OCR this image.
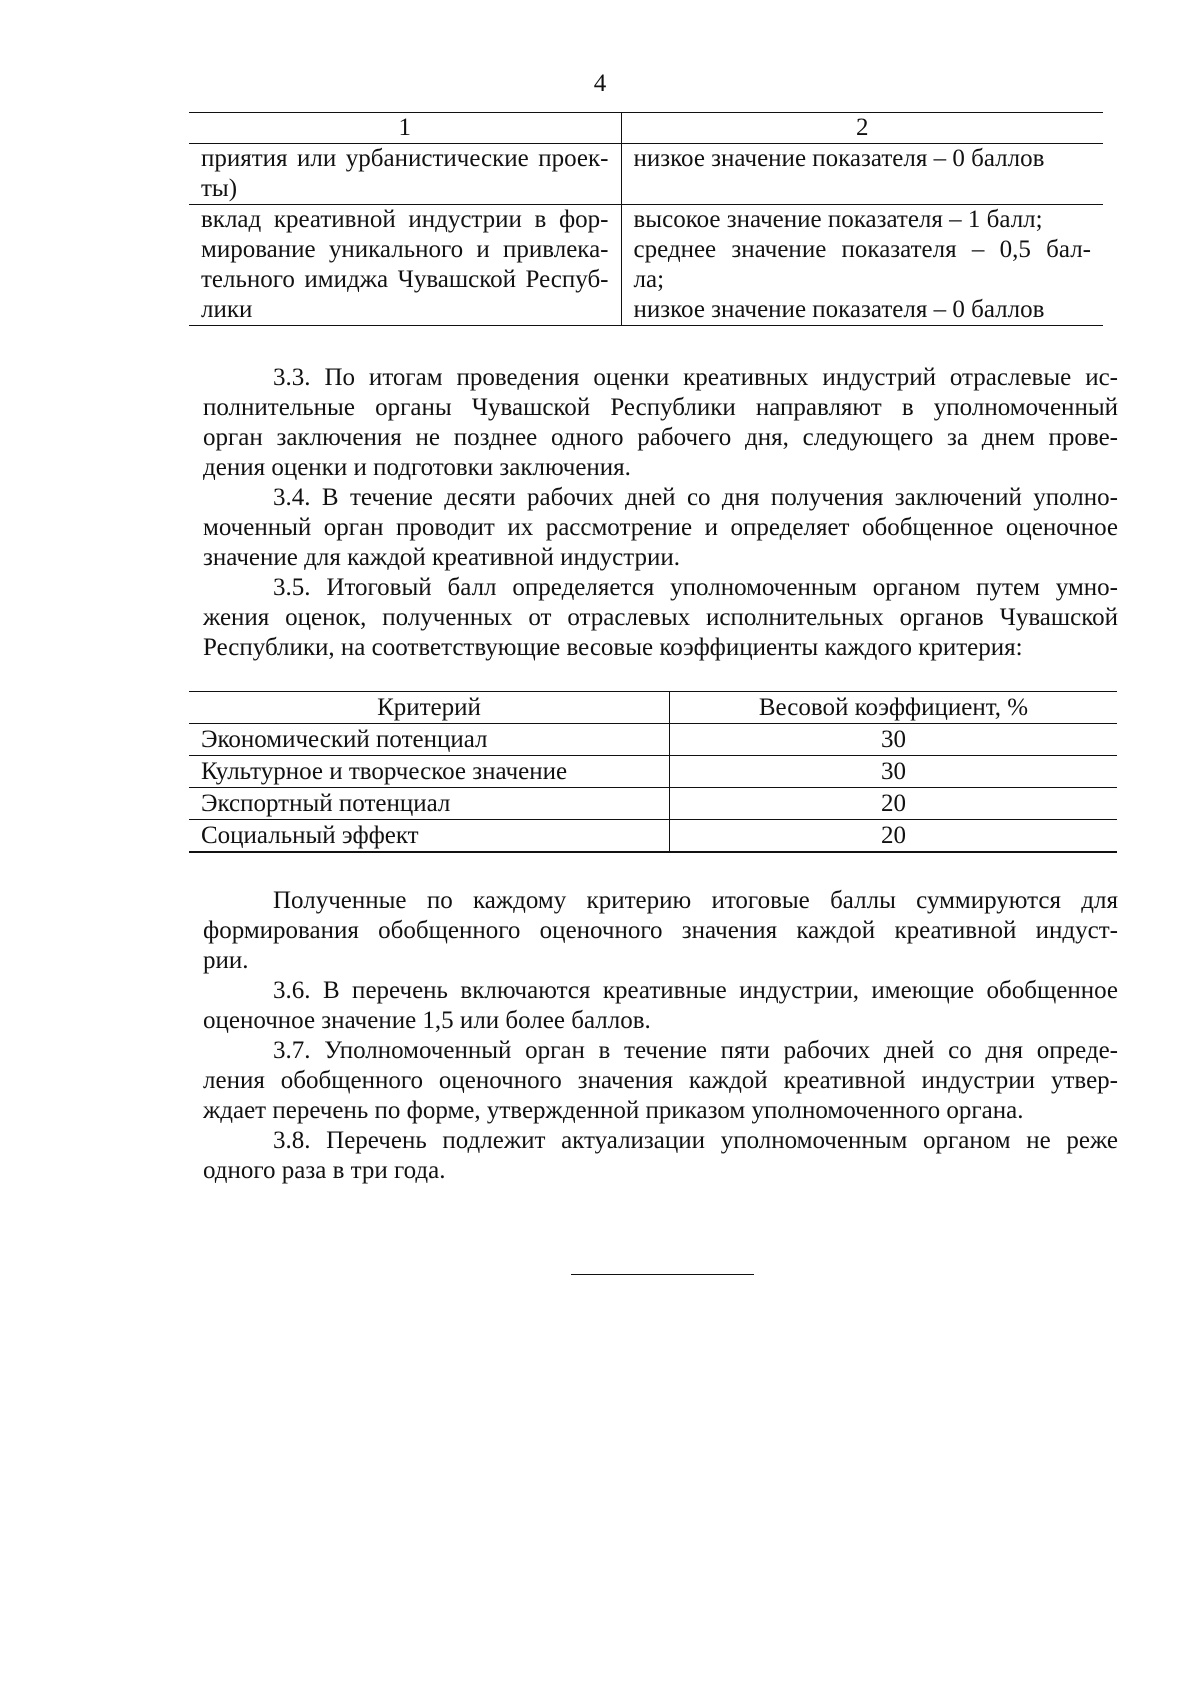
4
1	2

приятия или урбанистические проек-
ты)	низкое значение показателя – 0 баллов

вклад креативной индустрии в фор-
мирование уникального и привлека-
тельного имиджа Чувашской Респуб-
лики	высокое значение показателя – 1 балл;
среднее значение показателя – 0,5 бал-
ла;
низкое значение показателя – 0 баллов
3.3. По итогам проведения оценки креативных индустрий отраслевые ис-
полнительные органы Чувашской Республики направляют в уполномоченный
орган заключения не позднее одного рабочего дня, следующего за днем прове-
дения оценки и подготовки заключения.
3.4. В течение десяти рабочих дней со дня получения заключений уполно-
моченный орган проводит их рассмотрение и определяет обобщенное оценочное
значение для каждой креативной индустрии.
3.5. Итоговый балл определяется уполномоченным органом путем умно-
жения оценок, полученных от отраслевых исполнительных органов Чувашской
Республики, на соответствующие весовые коэффициенты каждого критерия:
Критерий	Весовой коэффициент, %
Экономический потенциал	30
Культурное и творческое значение	30
Экспортный потенциал	20
Социальный эффект	20
Полученные по каждому критерию итоговые баллы суммируются для
формирования обобщенного оценочного значения каждой креативной индуст-
рии.
3.6. В перечень включаются креативные индустрии, имеющие обобщенное
оценочное значение 1,5 или более баллов.
3.7. Уполномоченный орган в течение пяти рабочих дней со дня опреде-
ления обобщенного оценочного значения каждой креативной индустрии утвер-
ждает перечень по форме, утвержденной приказом уполномоченного органа.
3.8. Перечень подлежит актуализации уполномоченным органом не реже
одного раза в три года.
